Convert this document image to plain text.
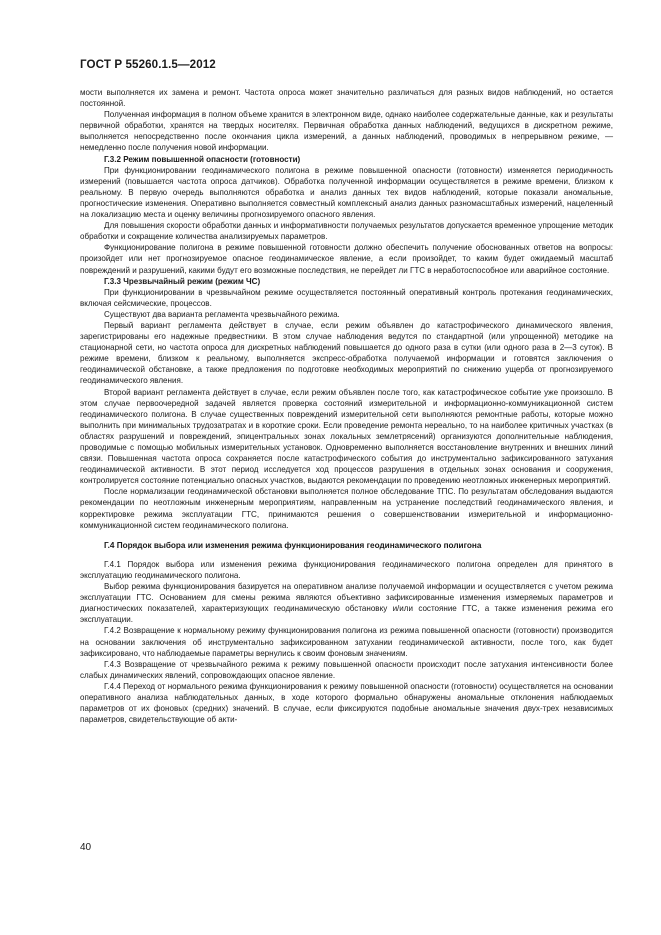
ГОСТ Р 55260.1.5—2012

мости выполняется их замена и ремонт. Частота опроса может значительно различаться для разных видов наблюдений, но остается постоянной.

Полученная информация в полном объеме хранится в электронном виде, однако наиболее содержательные данные, как и результаты первичной обработки, хранятся на твердых носителях. Первичная обработка данных наблюдений, ведущихся в дискретном режиме, выполняется непосредственно после окончания цикла измерений, а данных наблюдений, проводимых в непрерывном режиме, — немедленно после получения новой информации.

Г.3.2 Режим повышенной опасности (готовности)

При функционировании геодинамического полигона в режиме повышенной опасности (готовности) изменяется периодичность измерений (повышается частота опроса датчиков). Обработка полученной информации осуществляется в режиме времени, близком к реальному. В первую очередь выполняются обработка и анализ данных тех видов наблюдений, которые показали аномальные, прогностические изменения. Оперативно выполняется совместный комплексный анализ данных разномасштабных измерений, нацеленный на локализацию места и оценку величины прогнозируемого опасного явления.

Для повышения скорости обработки данных и информативности получаемых результатов допускается временное упрощение методик обработки и сокращение количества анализируемых параметров.

Функционирование полигона в режиме повышенной готовности должно обеспечить получение обоснованных ответов на вопросы: произойдет или нет прогнозируемое опасное геодинамическое явление, а если произойдет, то каким будет ожидаемый масштаб повреждений и разрушений, какими будут его возможные последствия, не перейдет ли ГТС в неработоспособное или аварийное состояние.

Г.3.3 Чрезвычайный режим (режим ЧС)

При функционировании в чрезвычайном режиме осуществляется постоянный оперативный контроль протекания геодинамических, включая сейсмические, процессов.

Существуют два варианта регламента чрезвычайного режима.

Первый вариант регламента действует в случае, если режим объявлен до катастрофического динамического явления, зарегистрированы его надежные предвестники. В этом случае наблюдения ведутся по стандартной (или упрощенной) методике на стационарной сети, но частота опроса для дискретных наблюдений повышается до одного раза в сутки (или одного раза в 2—3 суток). В режиме времени, близком к реальному, выполняется экспресс-обработка получаемой информации и готовятся заключения о геодинамической обстановке, а также предложения по подготовке необходимых мероприятий по снижению ущерба от прогнозируемого геодинамического явления.

Второй вариант регламента действует в случае, если режим объявлен после того, как катастрофическое событие уже произошло. В этом случае первоочередной задачей является проверка состояний измерительной и информационно-коммуникационной систем геодинамического полигона. В случае существенных повреждений измерительной сети выполняются ремонтные работы, которые можно выполнить при минимальных трудозатратах и в короткие сроки. Если проведение ремонта нереально, то на наиболее критичных участках (в областях разрушений и повреждений, эпицентральных зонах локальных землетрясений) организуются дополнительные наблюдения, проводимые с помощью мобильных измерительных установок. Одновременно выполняется восстановление внутренних и внешних линий связи. Повышенная частота опроса сохраняется после катастрофического события до инструментально зафиксированного затухания геодинамической активности. В этот период исследуется ход процессов разрушения в отдельных зонах основания и сооружения, контролируется состояние потенциально опасных участков, выдаются рекомендации по проведению неотложных инженерных мероприятий.

После нормализации геодинамической обстановки выполняется полное обследование ТПС. По результатам обследования выдаются рекомендации по неотложным инженерным мероприятиям, направленным на устранение последствий геодинамического явления, и корректировке режима эксплуатации ГТС, принимаются решения о совершенствовании измерительной и информационно-коммуникационной систем геодинамического полигона.

Г.4 Порядок выбора или изменения режима функционирования геодинамического полигона

Г.4.1 Порядок выбора или изменения режима функционирования геодинамического полигона определен для принятого в эксплуатацию геодинамического полигона.

Выбор режима функционирования базируется на оперативном анализе получаемой информации и осуществляется с учетом режима эксплуатации ГТС. Основанием для смены режима являются объективно зафиксированные изменения измеряемых параметров и диагностических показателей, характеризующих геодинамическую обстановку и/или состояние ГТС, а также изменения режима его эксплуатации.

Г.4.2 Возвращение к нормальному режиму функционирования полигона из режима повышенной опасности (готовности) производится на основании заключения об инструментально зафиксированном затухании геодинамической активности, после того, как будет зафиксировано, что наблюдаемые параметры вернулись к своим фоновым значениям.

Г.4.3 Возвращение от чрезвычайного режима к режиму повышенной опасности происходит после затухания интенсивности более слабых динамических явлений, сопровождающих опасное явление.

Г.4.4 Переход от нормального режима функционирования к режиму повышенной опасности (готовности) осуществляется на основании оперативного анализа наблюдательных данных, в ходе которого формально обнаружены аномальные отклонения наблюдаемых параметров от их фоновых (средних) значений. В случае, если фиксируются подобные аномальные значения двух-трех независимых параметров, свидетельствующие об акти-

40
